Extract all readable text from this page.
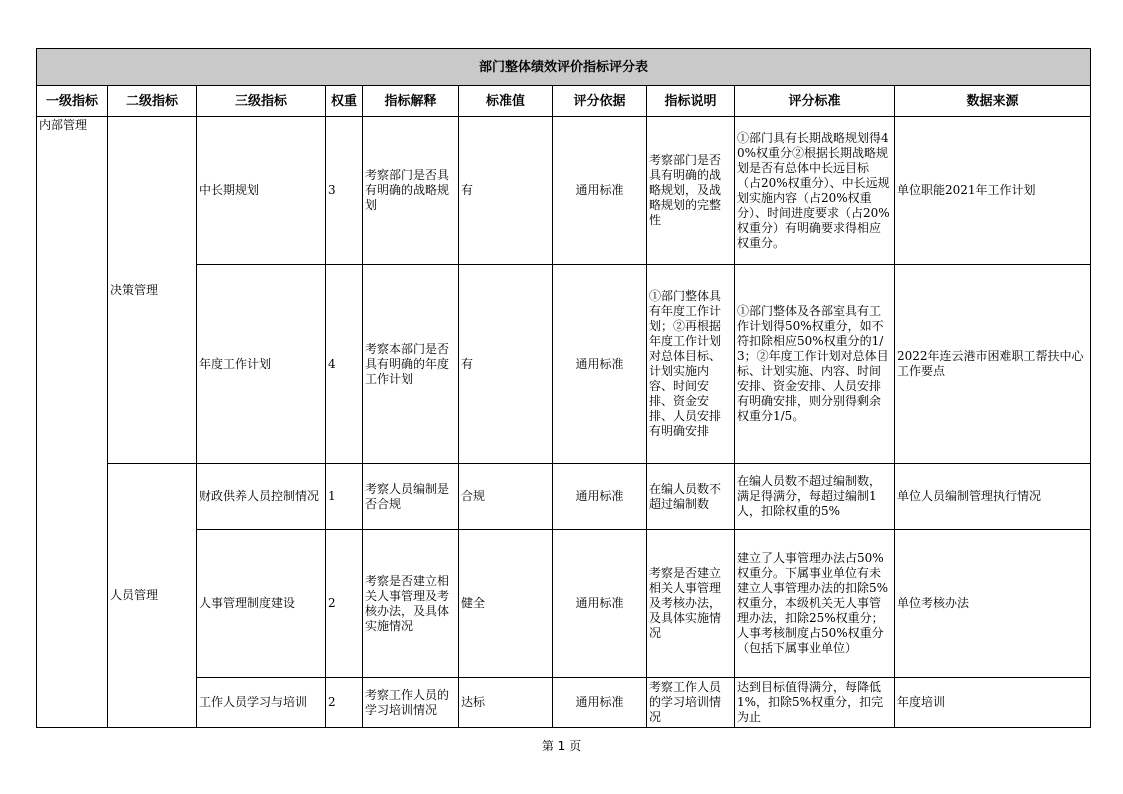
部门整体绩效评价指标评分表									
一级指标	二级指标	三级指标	权重	指标解释	标准值	评分依据	指标说明	评分标准	数据来源
内部管理	决策管理	中长期规划	3	考察部门是否具有明确的战略规划	有	通用标准	考察部门是否具有明确的战略规划，及战略规划的完整性	①部门具有长期战略规划得40%权重分②根据长期战略规划是否有总体中长远目标（占20%权重分）、中长远规划实施内容（占20%权重分）、时间进度要求（占20%权重分）有明确要求得相应权重分。	单位职能2021年工作计划
		年度工作计划	4	考察本部门是否具有明确的年度工作计划	有	通用标准	①部门整体具有年度工作计划；②再根据年度工作计划对总体目标、计划实施内容、时间安排、资金安排、人员安排有明确安排	①部门整体及各部室具有工作计划得50%权重分，如不符扣除相应50%权重分的1/3；②年度工作计划对总体目标、计划实施、内容、时间安排、资金安排、人员安排有明确安排，则分别得剩余权重分1/5。	2022年连云港市困难职工帮扶中心工作要点
	人员管理	财政供养人员控制情况	1	考察人员编制是否合规	合规	通用标准	在编人员数不超过编制数	在编人员数不超过编制数，满足得满分，每超过编制1人，扣除权重的5%	单位人员编制管理执行情况
		人事管理制度建设	2	考察是否建立相关人事管理及考核办法，及具体实施情况	健全	通用标准	考察是否建立相关人事管理及考核办法，及具体实施情况	建立了人事管理办法占50%权重分。下属事业单位有未建立人事管理办法的扣除5%权重分，本级机关无人事管理办法，扣除25%权重分；人事考核制度占50%权重分（包括下属事业单位）	单位考核办法
		工作人员学习与培训	2	考察工作人员的学习培训情况	达标	通用标准	考察工作人员的学习培训情况	达到目标值得满分，每降低1%，扣除5%权重分，扣完为止	年度培训
第 1 页
